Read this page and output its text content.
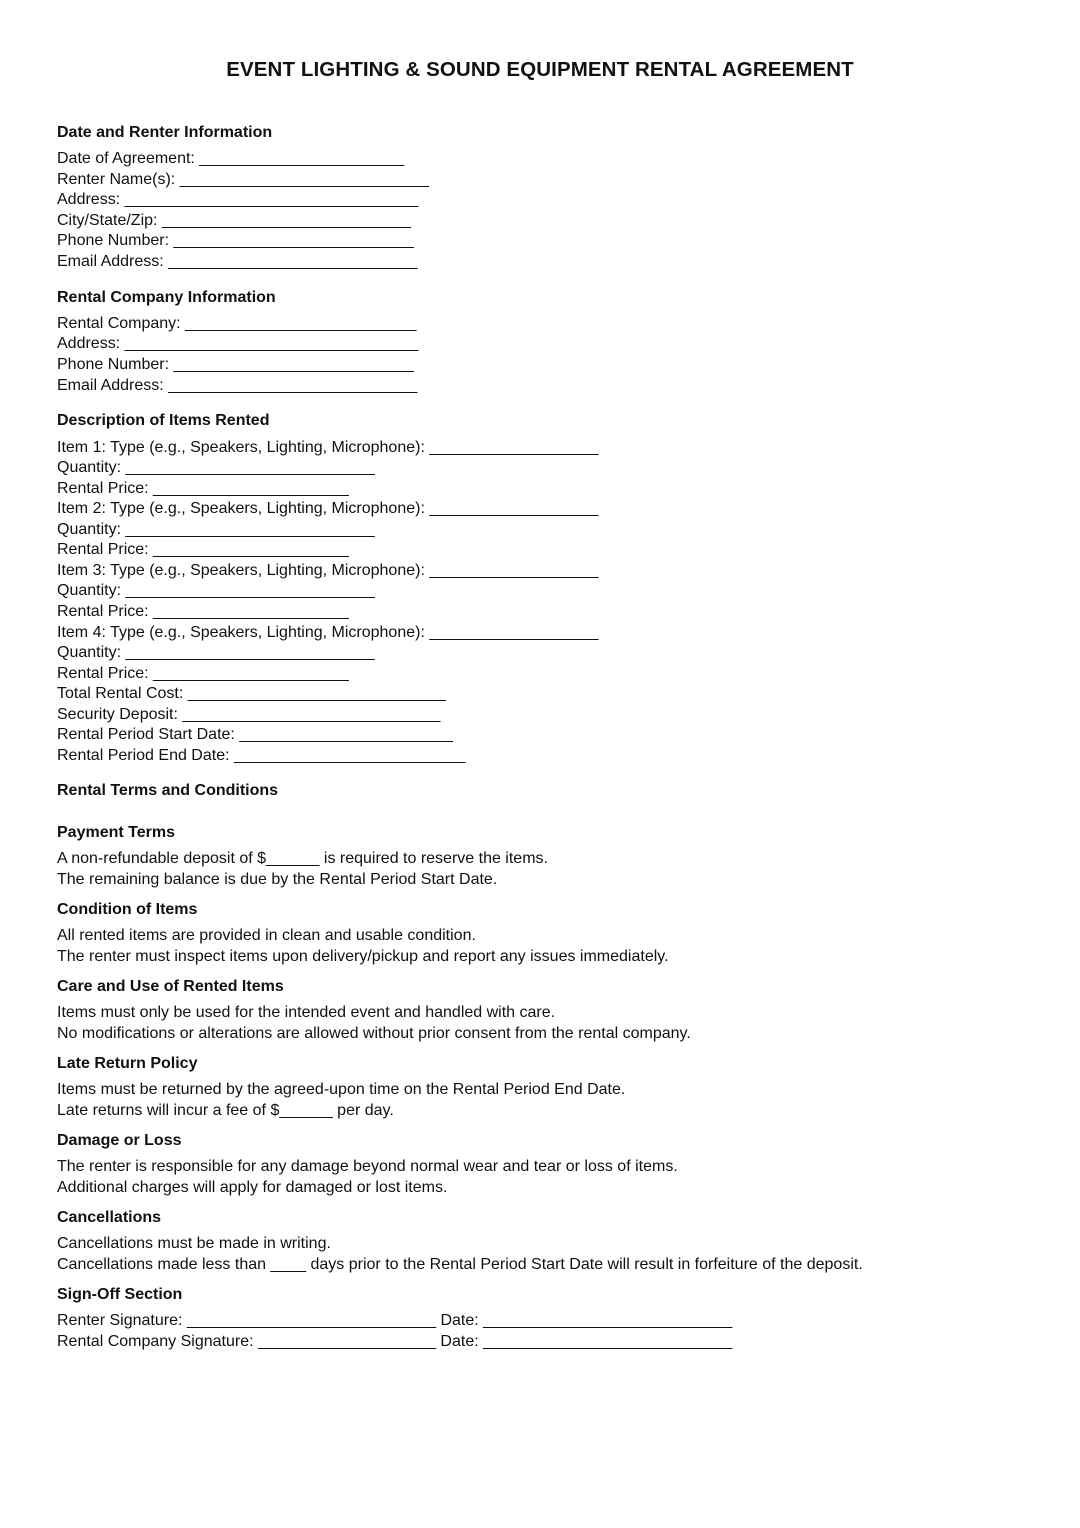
EVENT LIGHTING & SOUND EQUIPMENT RENTAL AGREEMENT
Date and Renter Information
Date of Agreement: _______________________
Renter Name(s): ____________________________
Address: _________________________________
City/State/Zip: ____________________________
Phone Number: ___________________________
Email Address: ____________________________
Rental Company Information
Rental Company: __________________________
Address: _________________________________
Phone Number: ___________________________
Email Address: ____________________________
Description of Items Rented
Item 1: Type (e.g., Speakers, Lighting, Microphone): ___________________
Quantity: ____________________________
Rental Price: ______________________
Item 2: Type (e.g., Speakers, Lighting, Microphone): ___________________
Quantity: ____________________________
Rental Price: ______________________
Item 3: Type (e.g., Speakers, Lighting, Microphone): ___________________
Quantity: ____________________________
Rental Price: ______________________
Item 4: Type (e.g., Speakers, Lighting, Microphone): ___________________
Quantity: ____________________________
Rental Price: ______________________
Total Rental Cost: _____________________________
Security Deposit: _____________________________
Rental Period Start Date: ________________________
Rental Period End Date: __________________________
Rental Terms and Conditions
Payment Terms
A non-refundable deposit of $______ is required to reserve the items.
The remaining balance is due by the Rental Period Start Date.
Condition of Items
All rented items are provided in clean and usable condition.
The renter must inspect items upon delivery/pickup and report any issues immediately.
Care and Use of Rented Items
Items must only be used for the intended event and handled with care.
No modifications or alterations are allowed without prior consent from the rental company.
Late Return Policy
Items must be returned by the agreed-upon time on the Rental Period End Date.
Late returns will incur a fee of $______ per day.
Damage or Loss
The renter is responsible for any damage beyond normal wear and tear or loss of items.
Additional charges will apply for damaged or lost items.
Cancellations
Cancellations must be made in writing.
Cancellations made less than ____ days prior to the Rental Period Start Date will result in forfeiture of the deposit.
Sign-Off Section
Renter Signature: ____________________________ Date: ____________________________
Rental Company Signature: ____________________ Date: ____________________________
